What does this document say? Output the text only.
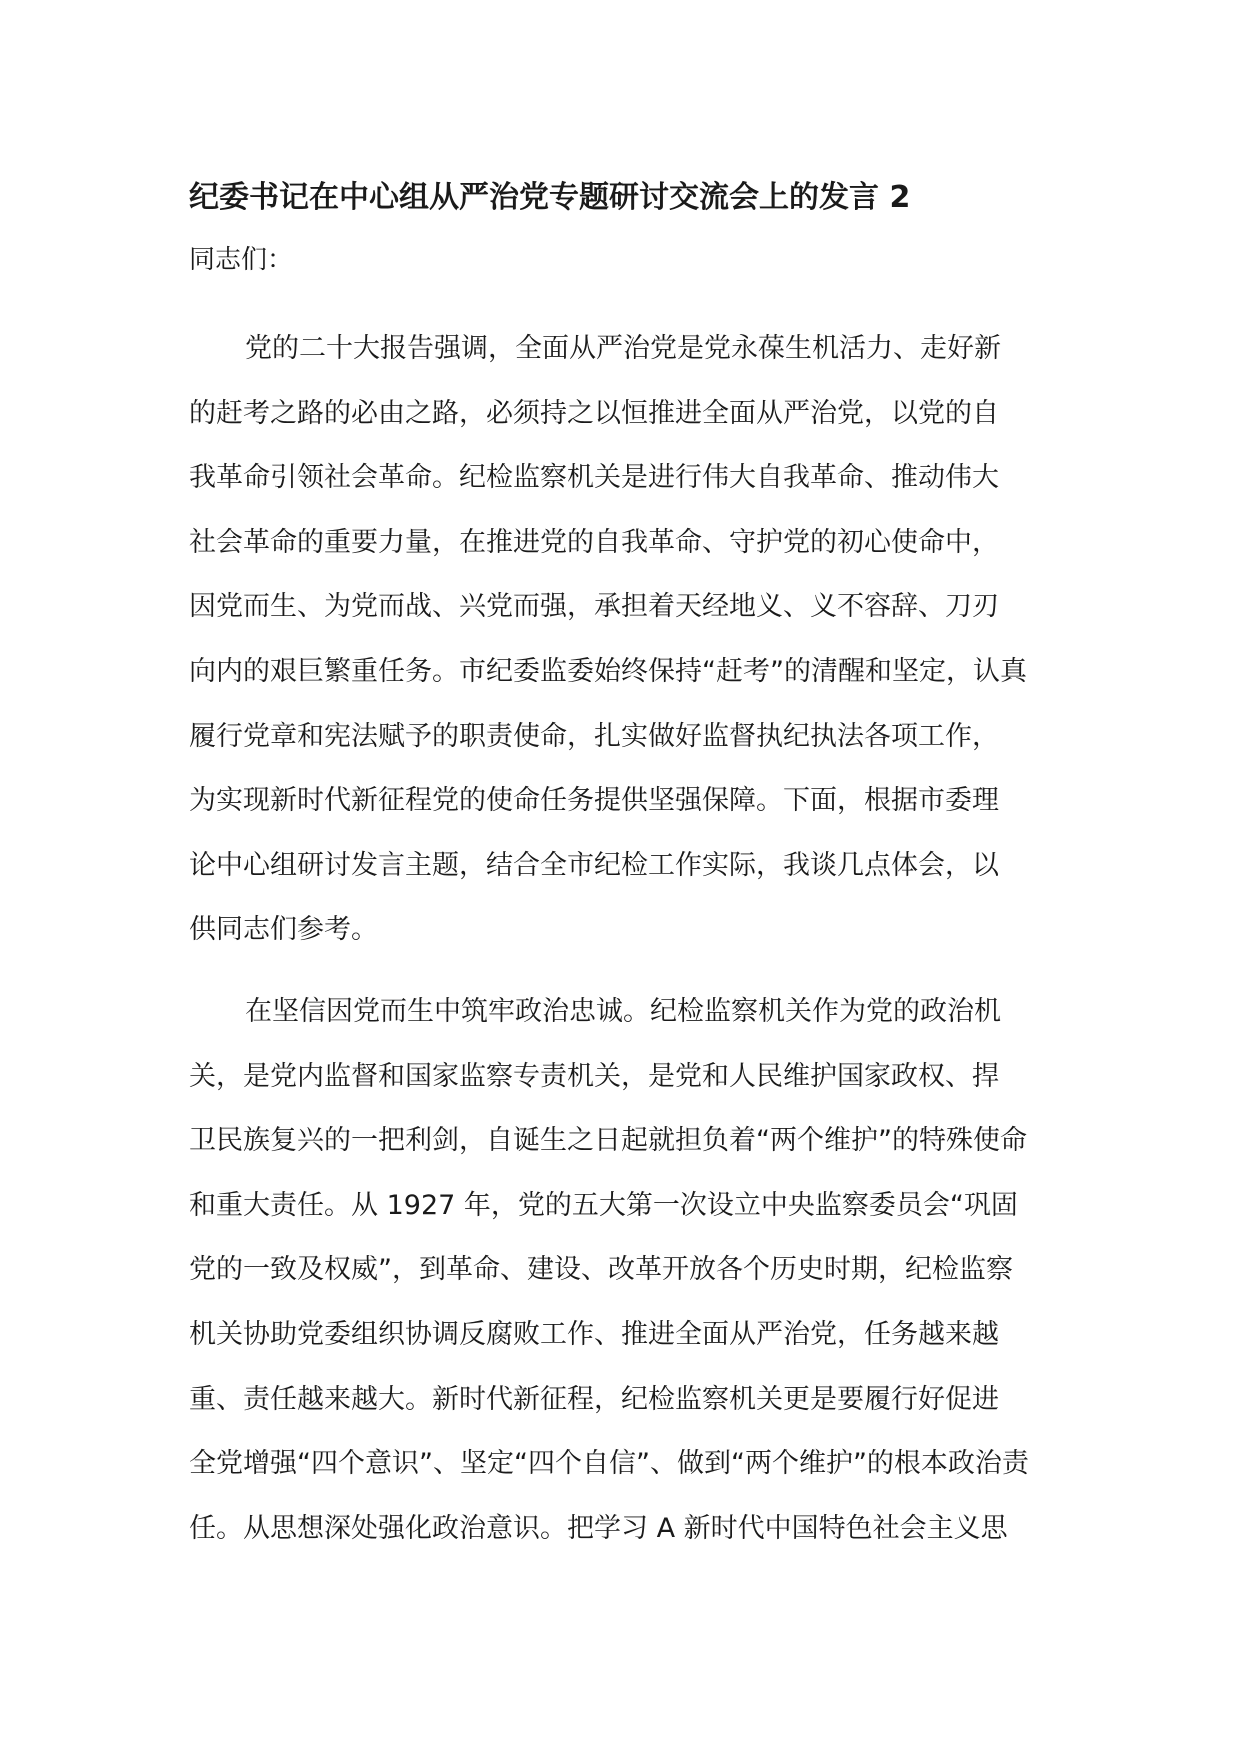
纪委书记在中心组从严治党专题研讨交流会上的发言 2

同志们：

党的二十大报告强调，全面从严治党是党永葆生机活力、走好新
的赶考之路的必由之路，必须持之以恒推进全面从严治党，以党的自
我革命引领社会革命。纪检监察机关是进行伟大自我革命、推动伟大
社会革命的重要力量，在推进党的自我革命、守护党的初心使命中，
因党而生、为党而战、兴党而强，承担着天经地义、义不容辞、刀刃
向内的艰巨繁重任务。市纪委监委始终保持“赶考”的清醒和坚定，认真
履行党章和宪法赋予的职责使命，扎实做好监督执纪执法各项工作，
为实现新时代新征程党的使命任务提供坚强保障。下面，根据市委理
论中心组研讨发言主题，结合全市纪检工作实际，我谈几点体会，以
供同志们参考。
在坚信因党而生中筑牢政治忠诚。纪检监察机关作为党的政治机
关，是党内监督和国家监察专责机关，是党和人民维护国家政权、捍
卫民族复兴的一把利剑，自诞生之日起就担负着“两个维护”的特殊使命
和重大责任。从 1927 年，党的五大第一次设立中央监察委员会“巩固
党的一致及权威”，到革命、建设、改革开放各个历史时期，纪检监察
机关协助党委组织协调反腐败工作、推进全面从严治党，任务越来越
重、责任越来越大。新时代新征程，纪检监察机关更是要履行好促进
全党增强“四个意识”、坚定“四个自信”、做到“两个维护”的根本政治责
任。从思想深处强化政治意识。把学习 A 新时代中国特色社会主义思
